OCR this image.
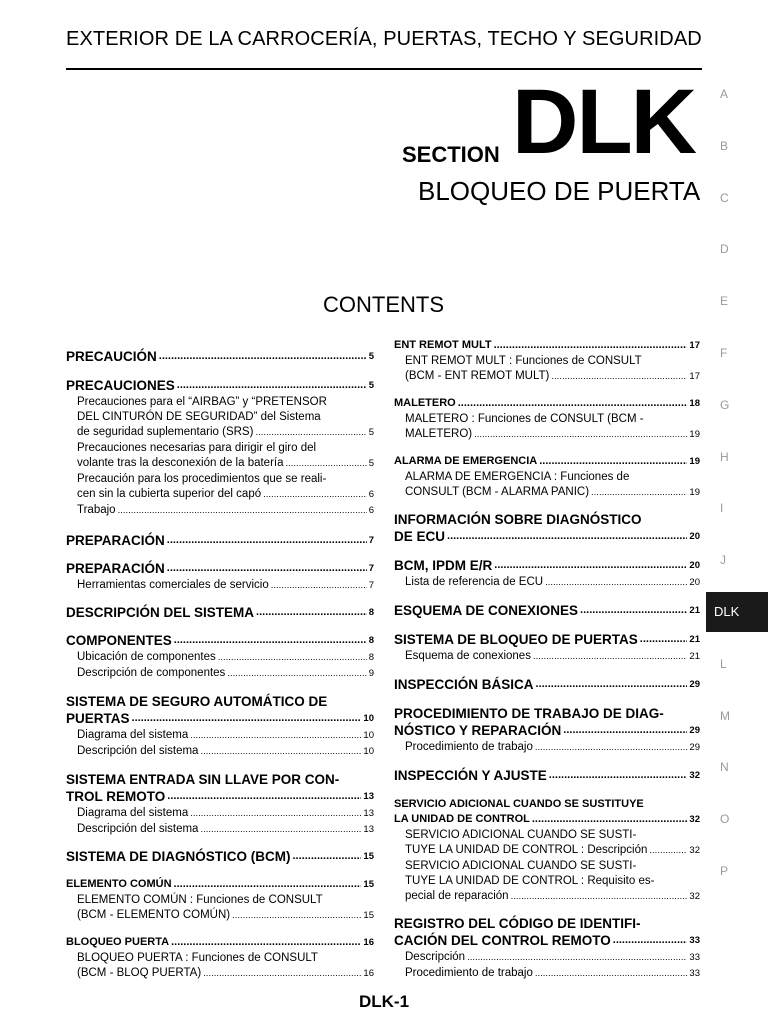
EXTERIOR DE LA CARROCERÍA, PUERTAS, TECHO Y SEGURIDAD
SECTION DLK
BLOQUEO DE PUERTA
CONTENTS
A
B
C
D
E
F
G
H
I
J
DLK
L
M
N
O
P
PRECAUCIÓN .....	5
PRECAUCIONES .....	5
Precauciones para el “AIRBAG” y “PRETENSOR
DEL CINTURÓN DE SEGURIDAD” del Sistema
de seguridad suplementario (SRS) .....	5
Precauciones necesarias para dirigir el giro del
volante tras la desconexión de la batería .....	5
Precaución para los procedimientos que se reali-
cen sin la cubierta superior del capó .....	6
Trabajo .....	6
PREPARACIÓN .....	7
PREPARACIÓN .....	7
Herramientas comerciales de servicio .....	7
DESCRIPCIÓN DEL SISTEMA .....	8
COMPONENTES .....	8
Ubicación de componentes .....	8
Descripción de componentes .....	9
SISTEMA DE SEGURO AUTOMÁTICO DE
PUERTAS .....	10
Diagrama del sistema .....	10
Descripción del sistema .....	10
SISTEMA ENTRADA SIN LLAVE POR CON-
TROL REMOTO .....	13
Diagrama del sistema .....	13
Descripción del sistema .....	13
SISTEMA DE DIAGNÓSTICO (BCM) .....	15
ELEMENTO COMÚN .....	15
ELEMENTO COMÚN : Funciones de CONSULT
(BCM - ELEMENTO COMÚN) .....	15
BLOQUEO PUERTA .....	16
BLOQUEO PUERTA : Funciones de CONSULT
(BCM - BLOQ PUERTA) .....	16
ENT REMOT MULT .....	17
ENT REMOT MULT : Funciones de CONSULT
(BCM - ENT REMOT MULT) .....	17
MALETERO .....	18
MALETERO : Funciones de CONSULT (BCM -
MALETERO) .....	19
ALARMA DE EMERGENCIA .....	19
ALARMA DE EMERGENCIA : Funciones de
CONSULT (BCM - ALARMA PANIC) .....	19
INFORMACIÓN SOBRE DIAGNÓSTICO
DE ECU .....	20
BCM, IPDM E/R .....	20
Lista de referencia de ECU .....	20
ESQUEMA DE CONEXIONES .....	21
SISTEMA DE BLOQUEO DE PUERTAS .....	21
Esquema de conexiones .....	21
INSPECCIÓN BÁSICA .....	29
PROCEDIMIENTO DE TRABAJO DE DIAG-
NÓSTICO Y REPARACIÓN .....	29
Procedimiento de trabajo .....	29
INSPECCIÓN Y AJUSTE .....	32
SERVICIO ADICIONAL CUANDO SE SUSTITUYE
LA UNIDAD DE CONTROL .....	32
SERVICIO ADICIONAL CUANDO SE SUSTI-
TUYE LA UNIDAD DE CONTROL : Descripción .....	32
SERVICIO ADICIONAL CUANDO SE SUSTI-
TUYE LA UNIDAD DE CONTROL : Requisito es-
pecial de reparación .....	32
REGISTRO DEL CÓDIGO DE IDENTIFI-
CACIÓN DEL CONTROL REMOTO .....	33
Descripción .....	33
Procedimiento de trabajo .....	33
DLK-1
